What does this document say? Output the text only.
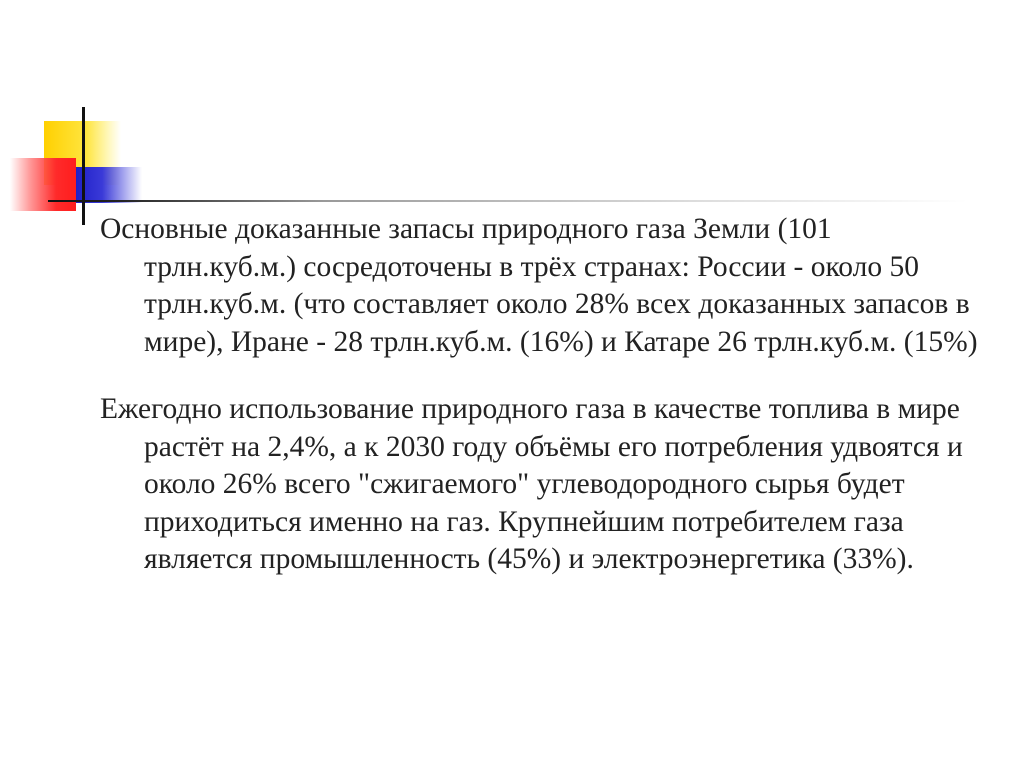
Основные доказанные запасы природного газа Земли (101 трлн.куб.м.) сосредоточены в трёх странах: России - около 50 трлн.куб.м. (что составляет около 28% всех доказанных запасов в мире), Иране - 28 трлн.куб.м. (16%) и Катаре 26 трлн.куб.м. (15%)

Ежегодно использование природного газа в качестве топлива в мире растёт на 2,4%, а к 2030 году объёмы его потребления удвоятся и около 26% всего "сжигаемого" углеводородного сырья будет приходиться именно на газ. Крупнейшим потребителем газа является промышленность (45%) и электроэнергетика (33%).
